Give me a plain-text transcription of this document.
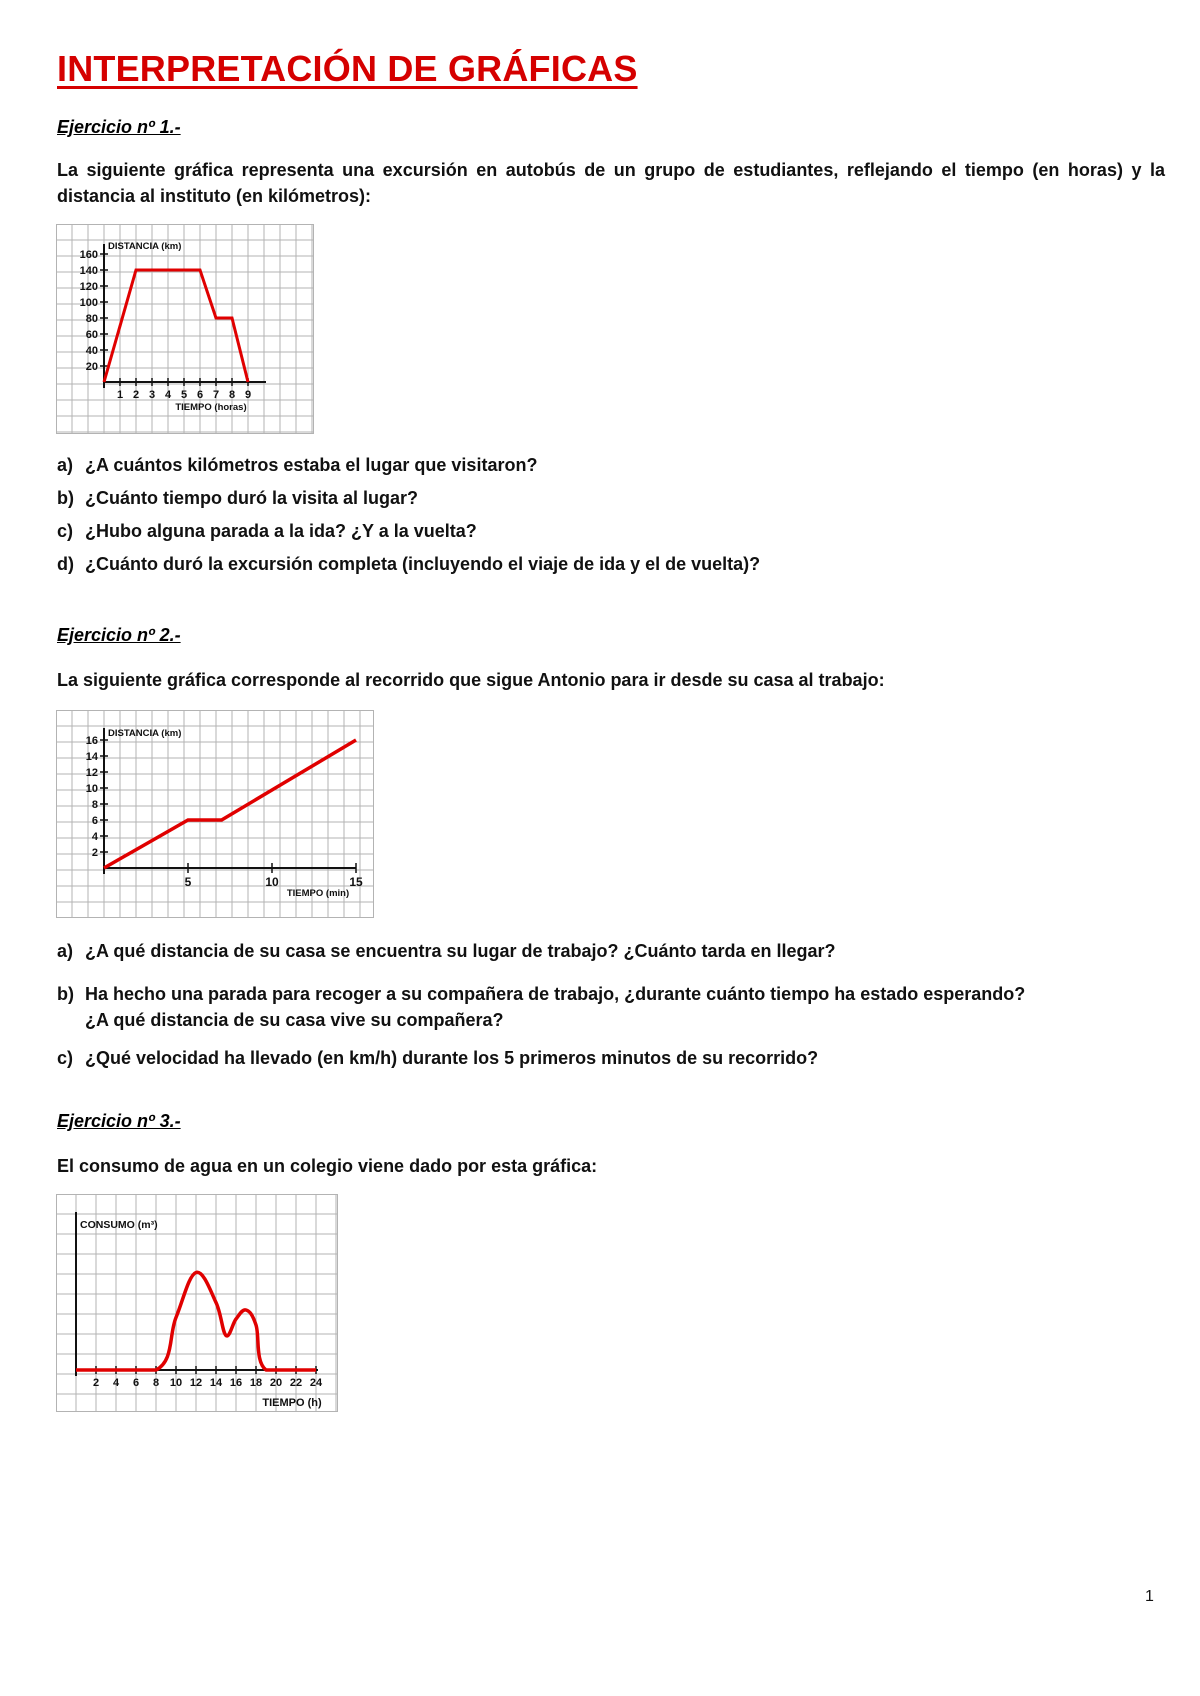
INTERPRETACIÓN DE GRÁFICAS
Ejercicio nº 1.-
La siguiente gráfica representa una excursión en autobús de un grupo de estudiantes, reflejando el tiempo (en horas) y la distancia al instituto (en kilómetros):
1 2 3 4 5 6 7 8 9
20
40
60
80
100
120
140
160
DISTANCIA (km)
TIEMPO (horas)
a) ¿A cuántos kilómetros estaba el lugar que visitaron?
b) ¿Cuánto tiempo duró la visita al lugar?
c) ¿Hubo alguna parada a la ida? ¿Y a la vuelta?
d) ¿Cuánto duró la excursión completa (incluyendo el viaje de ida y el de vuelta)?
Ejercicio nº 2.-
La siguiente gráfica corresponde al recorrido que sigue Antonio para ir desde su casa al trabajo:
5	10	15
2
4
6
8
10
12
14
16
DISTANCIA (km)
TIEMPO (min)
a) ¿A qué distancia de su casa se encuentra su lugar de trabajo? ¿Cuánto tarda en llegar?
b) Ha hecho una parada para recoger a su compañera de trabajo, ¿durante cuánto tiempo ha estado esperando?
¿A qué distancia de su casa vive su compañera?
c) ¿Qué velocidad ha llevado (en km/h) durante los 5 primeros minutos de su recorrido?
Ejercicio nº 3.-
El consumo de agua en un colegio viene dado por esta gráfica:
2 4 6 8 10 12 14 16 18 20 22 24
CONSUMO (m³)
TIEMPO (h)
1
